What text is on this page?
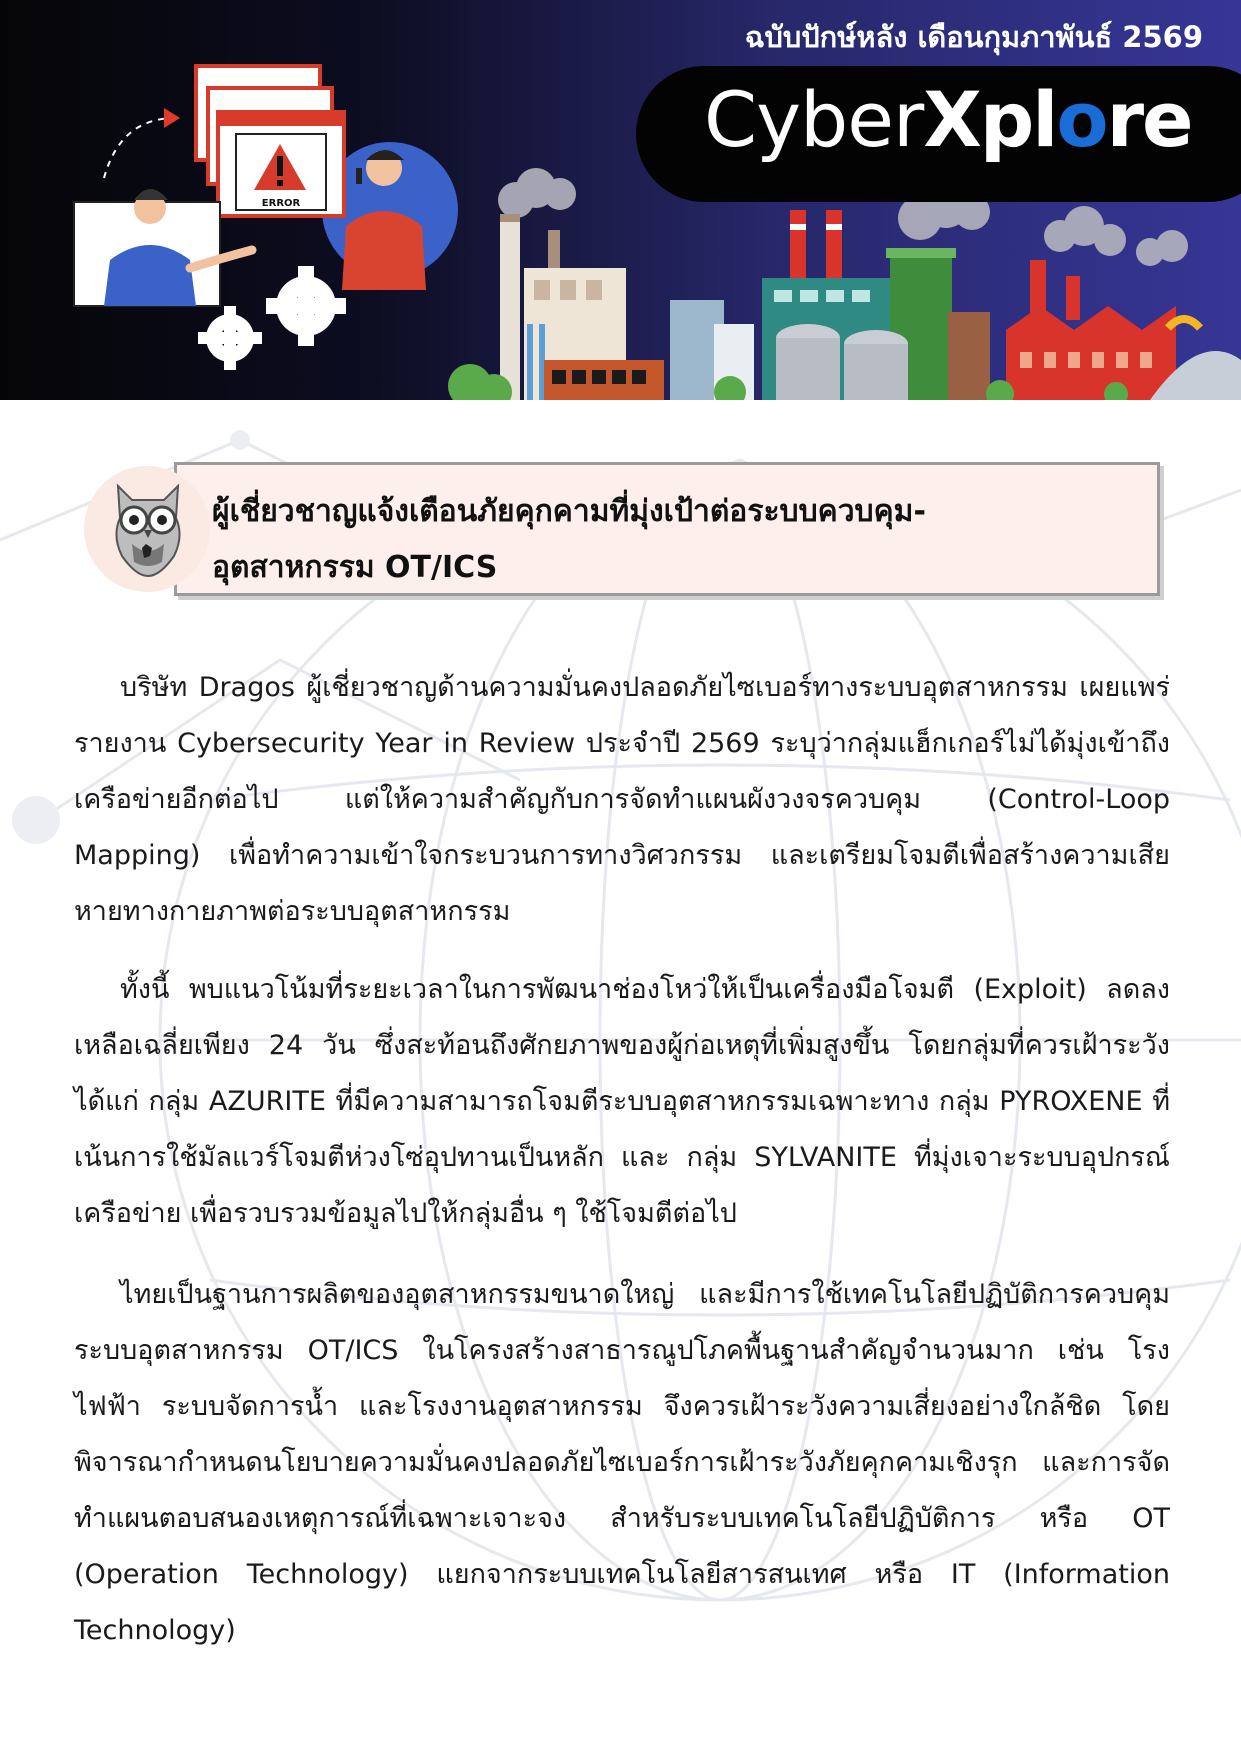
ERROR
ฉบับปักษ์หลัง เดือนกุมภาพันธ์ 2569
CyberXplore
ผู้เชี่ยวชาญแจ้งเตือนภัยคุกคามที่มุ่งเป้าต่อระบบควบคุม-
อุตสาหกรรม OT/ICS

บริษัท Dragos ผู้เชี่ยวชาญด้านความมั่นคงปลอดภัยไซเบอร์ทางระบบอุตสาหกรรม เผยแพร่รายงาน Cybersecurity Year in Review ประจำปี 2569 ระบุว่ากลุ่มแฮ็กเกอร์ไม่ได้มุ่งเข้าถึงเครือข่ายอีกต่อไป แต่ให้ความสำคัญกับการจัดทำแผนผังวงจรควบคุม (Control-Loop Mapping) เพื่อทำความเข้าใจกระบวนการทางวิศวกรรม และเตรียมโจมตีเพื่อสร้างความเสียหายทางกายภาพต่อระบบอุตสาหกรรม

ทั้งนี้ พบแนวโน้มที่ระยะเวลาในการพัฒนาช่องโหว่ให้เป็นเครื่องมือโจมตี (Exploit) ลดลงเหลือเฉลี่ยเพียง 24 วัน ซึ่งสะท้อนถึงศักยภาพของผู้ก่อเหตุที่เพิ่มสูงขึ้น โดยกลุ่มที่ควรเฝ้าระวัง ได้แก่ กลุ่ม AZURITE ที่มีความสามารถโจมตีระบบอุตสาหกรรมเฉพาะทาง กลุ่ม PYROXENE ที่เน้นการใช้มัลแวร์โจมตีห่วงโซ่อุปทานเป็นหลัก และ กลุ่ม SYLVANITE ที่มุ่งเจาะระบบอุปกรณ์เครือข่าย เพื่อรวบรวมข้อมูลไปให้กลุ่มอื่น ๆ ใช้โจมตีต่อไป

ไทยเป็นฐานการผลิตของอุตสาหกรรมขนาดใหญ่ และมีการใช้เทคโนโลยีปฏิบัติการควบคุมระบบอุตสาหกรรม OT/ICS ในโครงสร้างสาธารณูปโภคพื้นฐานสำคัญจำนวนมาก เช่น โรงไฟฟ้า ระบบจัดการน้ำ และโรงงานอุตสาหกรรม จึงควรเฝ้าระวังความเสี่ยงอย่างใกล้ชิด โดยพิจารณากำหนดนโยบายความมั่นคงปลอดภัยไซเบอร์การเฝ้าระวังภัยคุกคามเชิงรุก และการจัดทำแผนตอบสนองเหตุการณ์ที่เฉพาะเจาะจง สำหรับระบบเทคโนโลยีปฏิบัติการ หรือ OT (Operation Technology) แยกจากระบบเทคโนโลยีสารสนเทศ หรือ IT (Information Technology)
